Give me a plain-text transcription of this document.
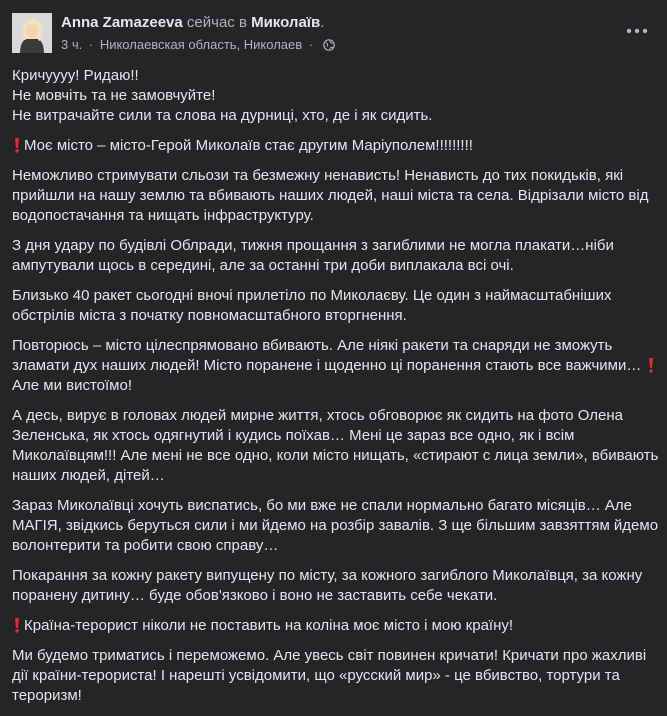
Anna Zamazeeva сейчас в Миколаїв.
3 ч. · Николаевская область, Николаев ·
Кричуууу! Ридаю!!
Не мовчіть та не замовчуйте!
Не витрачайте сили та слова на дурниці, хто, де і як сидить.
Моє місто – місто-Герой Миколаїв стає другим Маріуполем!!!!!!!!!
Неможливо стримувати сльози та безмежну ненависть! Ненависть до тих покидьків, які
прийшли на нашу землю та вбивають наших людей, наші міста та села. Відрізали місто від
водопостачання та нищать інфраструктуру.
З дня удару по будівлі Облради, тижня прощання з загиблими не могла плакати…ніби
ампутували щось в середині, але за останні три доби виплакала всі очі.
Близько 40 ракет сьогодні вночі прилетіло по Миколаєву. Це один з наймасштабніших
обстрілів міста з початку повномасштабного вторгнення.
Повторюсь – місто цілеспрямовано вбивають. Але ніякі ракети та снаряди не зможуть
зламати дух наших людей! Місто поранене і щоденно ці поранення стають все важчими…
Але ми вистоїмо!
А десь, вирує в головах людей мирне життя, хтось обговорює як сидить на фото Олена
Зеленська, як хтось одягнутий і кудись поїхав… Мені це зараз все одно, як і всім
Миколаївцям!!! Але мені не все одно, коли місто нищать, «стирают с лица земли», вбивають
наших людей, дітей…
Зараз Миколаївці хочуть виспатись, бо ми вже не спали нормально багато місяців… Але
МАГІЯ, звідкись беруться сили і ми йдемо на розбір завалів. З ще більшим завзяттям йдемо
волонтерити та робити свою справу…
Покарання за кожну ракету випущену по місту, за кожного загиблого Миколаївця, за кожну
поранену дитину… буде обов'язково і воно не заставить себе чекати.
Країна-терорист ніколи не поставить на коліна моє місто і мою країну!
Ми будемо триматись і переможемо. Але увесь світ повинен кричати! Кричати про жахливі
дії країни-терориста! І нарешті усвідомити, що «русский мир» - це вбивство, тортури та
тероризм!
